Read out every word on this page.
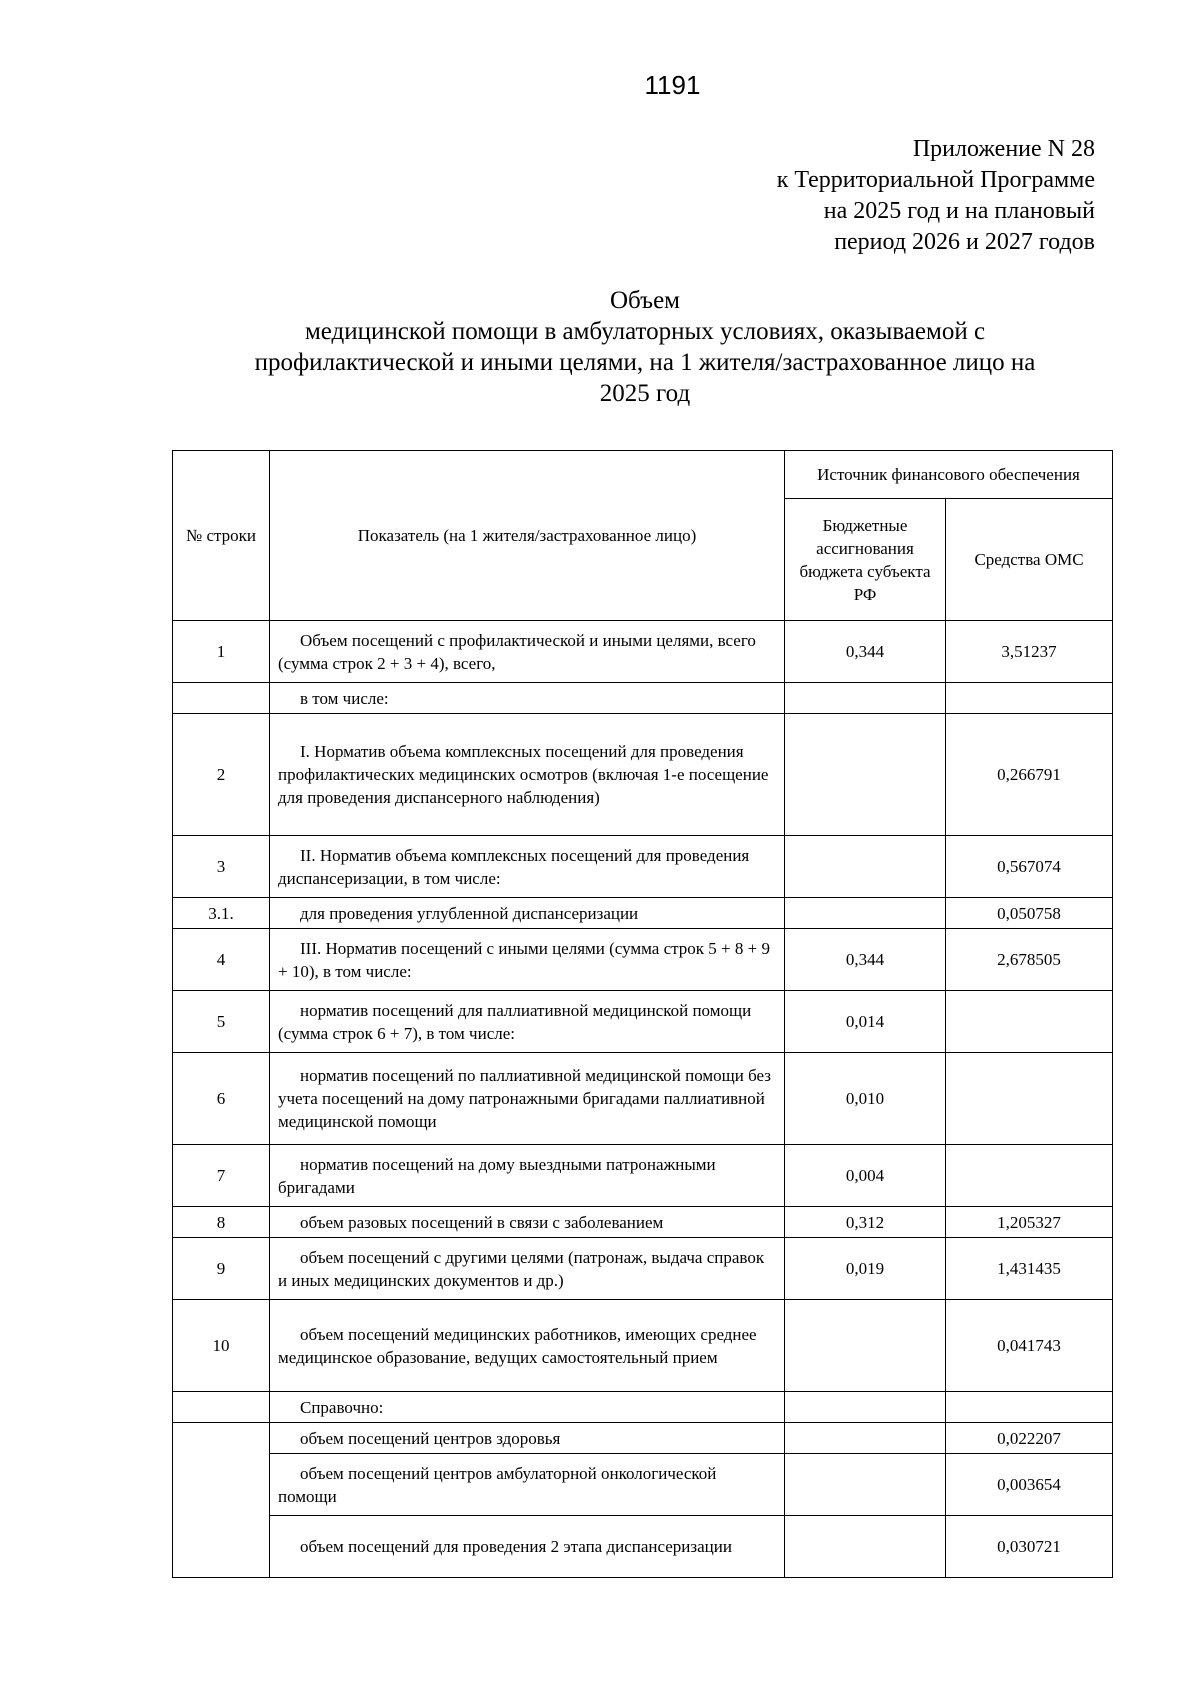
1191
Приложение N 28
к Территориальной Программе
на 2025 год и на плановый
период 2026 и 2027 годов
Объем
медицинской помощи в амбулаторных условиях, оказываемой с
профилактической и иными целями, на 1 жителя/застрахованное лицо на
2025 год
№ строки	Показатель (на 1 жителя/застрахованное лицо)	Источник финансового обеспечения	
		Бюджетные ассигнования бюджета субъекта РФ	Средства ОМС
1	Объем посещений с профилактической и иными целями, всего (сумма строк 2 + 3 + 4), всего,	0,344	3,51237
	в том числе:		
2	I. Норматив объема комплексных посещений для проведения профилактических медицинских осмотров (включая 1-е посещение для проведения диспансерного наблюдения)		0,266791
3	II. Норматив объема комплексных посещений для проведения диспансеризации, в том числе:		0,567074
3.1.	для проведения углубленной диспансеризации		0,050758
4	III. Норматив посещений с иными целями (сумма строк 5 + 8 + 9 + 10), в том числе:	0,344	2,678505
5	норматив посещений для паллиативной медицинской помощи (сумма строк 6 + 7), в том числе:	0,014	
6	норматив посещений по паллиативной медицинской помощи без учета посещений на дому патронажными бригадами паллиативной медицинской помощи	0,010	
7	норматив посещений на дому выездными патронажными бригадами	0,004	
8	объем разовых посещений в связи с заболеванием	0,312	1,205327
9	объем посещений с другими целями (патронаж, выдача справок и иных медицинских документов и др.)	0,019	1,431435
10	объем посещений медицинских работников, имеющих среднее медицинское образование, ведущих самостоятельный прием		0,041743
	Справочно:		
	объем посещений центров здоровья		0,022207
	объем посещений центров амбулаторной онкологической помощи		0,003654
	объем посещений для проведения 2 этапа диспансеризации		0,030721
